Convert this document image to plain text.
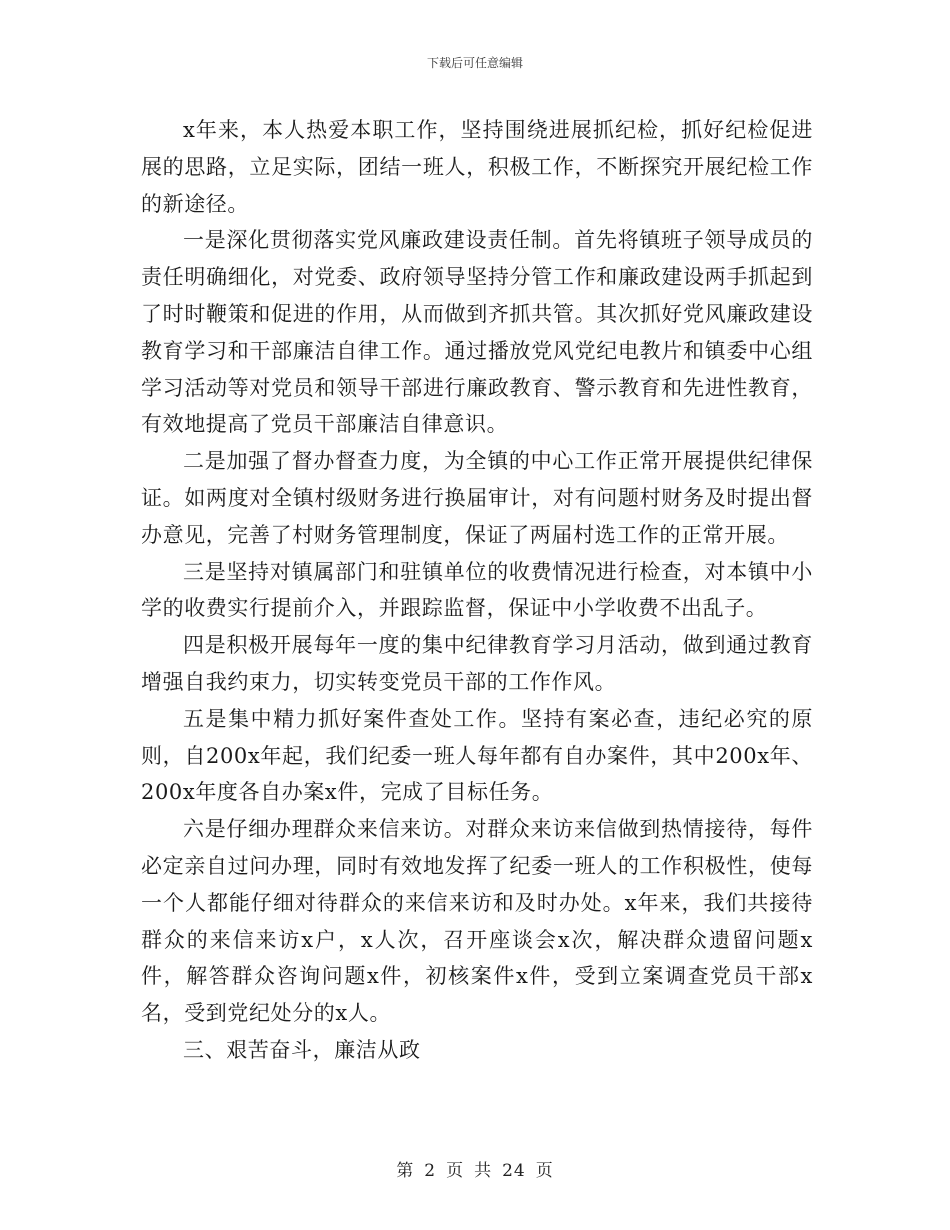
下载后可任意编辑

x年来，本人热爱本职工作，坚持围绕进展抓纪检，抓好纪检促进展的思路，立足实际，团结一班人，积极工作，不断探究开展纪检工作的新途径。

一是深化贯彻落实党风廉政建设责任制。首先将镇班子领导成员的责任明确细化，对党委、政府领导坚持分管工作和廉政建设两手抓起到了时时鞭策和促进的作用，从而做到齐抓共管。其次抓好党风廉政建设教育学习和干部廉洁自律工作。通过播放党风党纪电教片和镇委中心组学习活动等对党员和领导干部进行廉政教育、警示教育和先进性教育，有效地提高了党员干部廉洁自律意识。

二是加强了督办督查力度，为全镇的中心工作正常开展提供纪律保证。如两度对全镇村级财务进行换届审计，对有问题村财务及时提出督办意见，完善了村财务管理制度，保证了两届村选工作的正常开展。

三是坚持对镇属部门和驻镇单位的收费情况进行检查，对本镇中小学的收费实行提前介入，并跟踪监督，保证中小学收费不出乱子。

四是积极开展每年一度的集中纪律教育学习月活动，做到通过教育增强自我约束力，切实转变党员干部的工作作风。

五是集中精力抓好案件查处工作。坚持有案必查，违纪必究的原则，自200x年起，我们纪委一班人每年都有自办案件，其中200x年、200x年度各自办案x件，完成了目标任务。

六是仔细办理群众来信来访。对群众来访来信做到热情接待，每件必定亲自过问办理，同时有效地发挥了纪委一班人的工作积极性，使每一个人都能仔细对待群众的来信来访和及时办处。x年来，我们共接待群众的来信来访x户，x人次，召开座谈会x次，解决群众遗留问题x件，解答群众咨询问题x件，初核案件x件，受到立案调查党员干部x名，受到党纪处分的x人。

三、艰苦奋斗，廉洁从政

第 2 页 共 24 页
